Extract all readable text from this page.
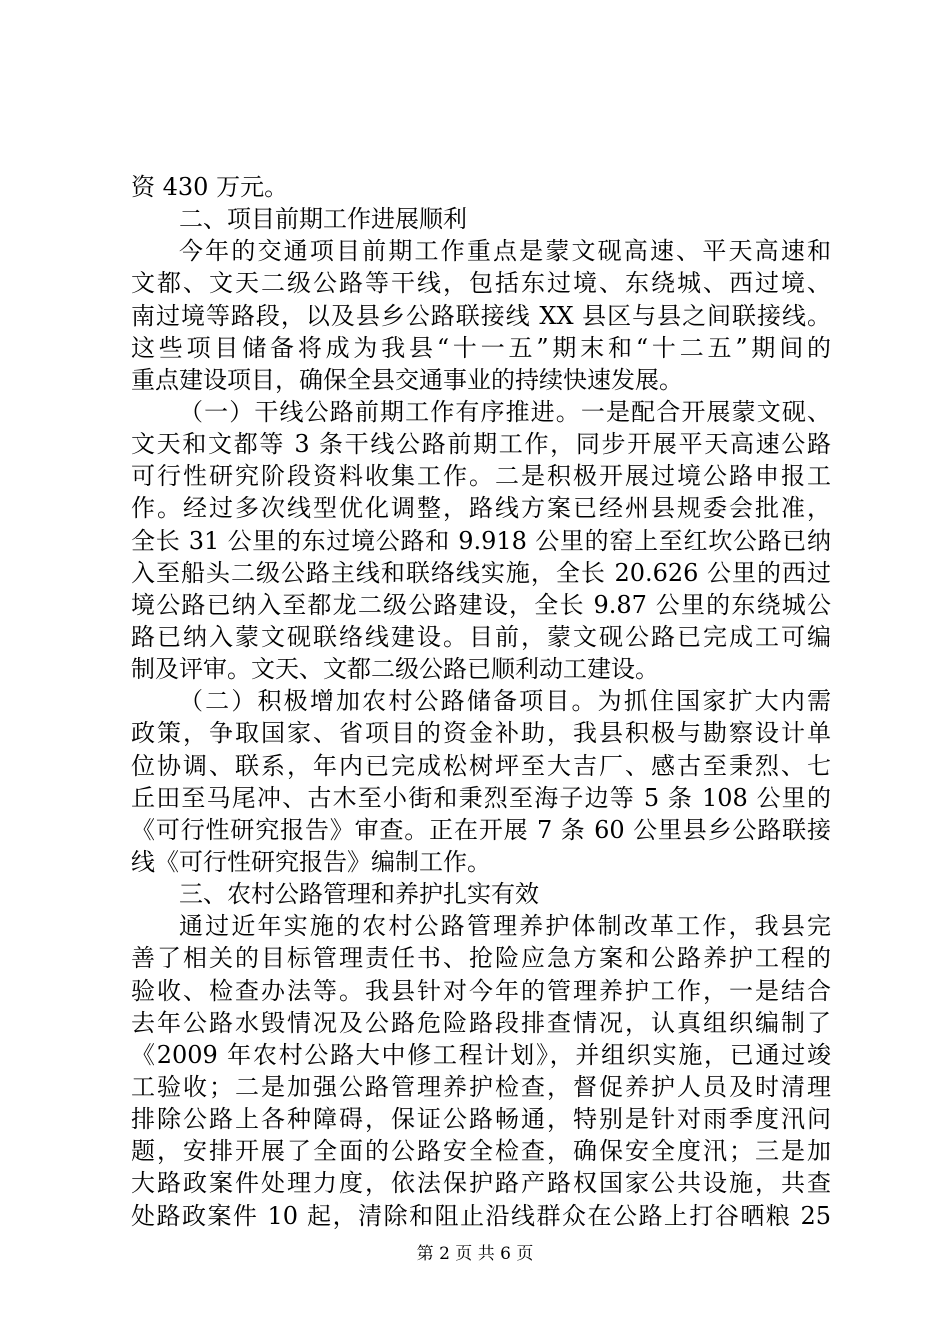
资 430 万元。
二、项目前期工作进展顺利
今年的交通项目前期工作重点是蒙文砚高速、平天高速和
文都、文天二级公路等干线，包括东过境、东绕城、西过境、
南过境等路段，以及县乡公路联接线 XX 县区与县之间联接线。
这些项目储备将成为我县“十一五”期末和“十二五”期间的
重点建设项目，确保全县交通事业的持续快速发展。
（一）干线公路前期工作有序推进。一是配合开展蒙文砚、
文天和文都等 3 条干线公路前期工作，同步开展平天高速公路
可行性研究阶段资料收集工作。二是积极开展过境公路申报工
作。经过多次线型优化调整，路线方案已经州县规委会批准，
全长 31 公里的东过境公路和 9.918 公里的窑上至红坎公路已纳
入至船头二级公路主线和联络线实施，全长 20.626 公里的西过
境公路已纳入至都龙二级公路建设，全长 9.87 公里的东绕城公
路已纳入蒙文砚联络线建设。目前，蒙文砚公路已完成工可编
制及评审。文天、文都二级公路已顺利动工建设。
（二）积极增加农村公路储备项目。为抓住国家扩大内需
政策，争取国家、省项目的资金补助，我县积极与勘察设计单
位协调、联系，年内已完成松树坪至大吉厂、感古至秉烈、七
丘田至马尾冲、古木至小街和秉烈至海子边等 5 条 108 公里的
《可行性研究报告》审查。正在开展 7 条 60 公里县乡公路联接
线《可行性研究报告》编制工作。
三、农村公路管理和养护扎实有效
通过近年实施的农村公路管理养护体制改革工作，我县完
善了相关的目标管理责任书、抢险应急方案和公路养护工程的
验收、检查办法等。我县针对今年的管理养护工作，一是结合
去年公路水毁情况及公路危险路段排查情况，认真组织编制了
《2009 年农村公路大中修工程计划》，并组织实施，已通过竣
工验收；二是加强公路管理养护检查，督促养护人员及时清理
排除公路上各种障碍，保证公路畅通，特别是针对雨季度汛问
题，安排开展了全面的公路安全检查，确保安全度汛；三是加
大路政案件处理力度，依法保护路产路权国家公共设施，共查
处路政案件 10 起，清除和阻止沿线群众在公路上打谷晒粮 25
第 2 页 共 6 页
